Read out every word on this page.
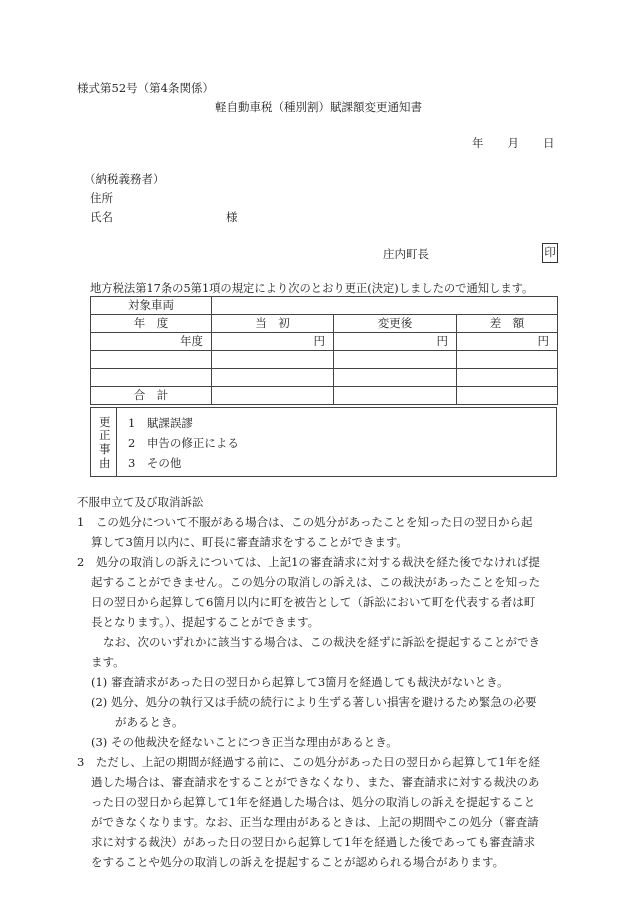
様式第52号（第4条関係）
軽自動車税（種別割）賦課額変更通知書
年 月 日
（納税義務者）
住所
氏名	様
庄内町長	印
地方税法第17条の5第1項の規定により次のとおり更正(決定)しましたので通知します。
対象車両			
年　度	当　初	変更後	差　額
年度	円	円	円

合　計			
更
正
事
由
1　賦課誤謬
2　申告の修正による
3　その他
不服申立て及び取消訴訟
1　この処分について不服がある場合は、この処分があったことを知った日の翌日から起
算して3箇月以内に、町長に審査請求をすることができます。
2　処分の取消しの訴えについては、上記1の審査請求に対する裁決を経た後でなければ提
起することができません。この処分の取消しの訴えは、この裁決があったことを知った
日の翌日から起算して6箇月以内に町を被告として（訴訟において町を代表する者は町
長となります。）、提起することができます。
なお、次のいずれかに該当する場合は、この裁決を経ずに訴訟を提起することができ
ます。
(1) 審査請求があった日の翌日から起算して3箇月を経過しても裁決がないとき。
(2) 処分、処分の執行又は手続の続行により生ずる著しい損害を避けるため緊急の必要
があるとき。
(3) その他裁決を経ないことにつき正当な理由があるとき。
3　ただし、上記の期間が経過する前に、この処分があった日の翌日から起算して1年を経
過した場合は、審査請求をすることができなくなり、また、審査請求に対する裁決のあ
った日の翌日から起算して1年を経過した場合は、処分の取消しの訴えを提起すること
ができなくなります。なお、正当な理由があるときは、上記の期間やこの処分（審査請
求に対する裁決）があった日の翌日から起算して1年を経過した後であっても審査請求
をすることや処分の取消しの訴えを提起することが認められる場合があります。
